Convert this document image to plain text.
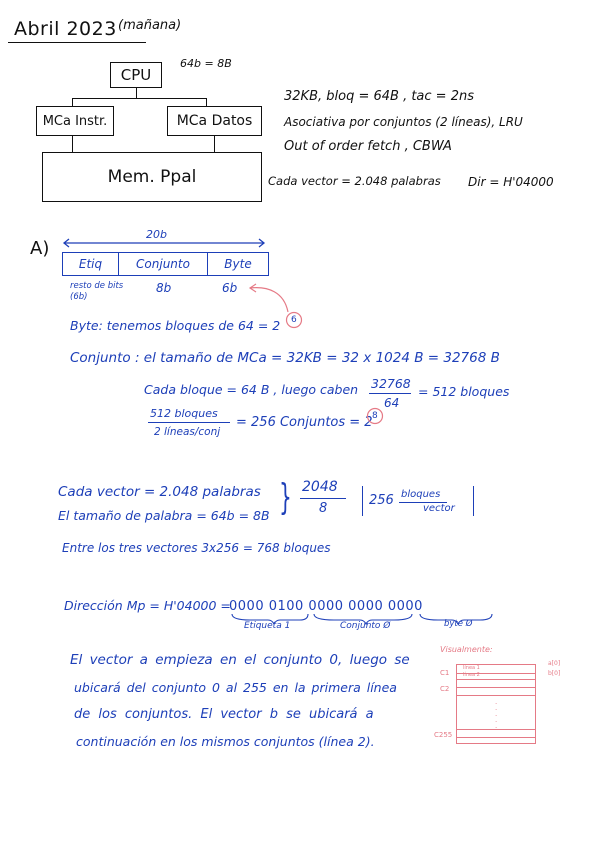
Abril 2023 (mañana)
CPU
64b = 8B
MCa Instr.	MCa Datos
Mem. Ppal
32KB, bloq = 64B , tac = 2ns
Asociativa por conjuntos (2 líneas), LRU
Out of order fetch , CBWA
Cada vector = 2.048 palabras Dir = H'04000
A)
20b
Etiq	Conjunto	Byte
resto de bits (6b)
8b	6b
Byte: tenemos bloques de 64 = 2 6
Conjunto : el tamaño de MCa = 32KB = 32 x 1024 B = 32768 B
Cada bloque = 64 B , luego caben 32768
64
= 512 bloques
512 bloques
2 líneas/conj
= 256 Conjuntos = 2 8
Cada vector = 2.048 palabras
El tamaño de palabra = 64b = 8B } 2048
8
256 bloques
vector
Entre los tres vectores 3x256 = 768 bloques
Dirección Mp = H'04000 =
0000 0100 0000 0000 0000
Etiqueta 1	Conjunto Ø	byte Ø
El vector a empieza en el conjunto 0, luego se
ubicará del conjunto 0 al 255 en la primera línea
de los conjuntos. El vector b se ubicará a
continuación en los mismos conjuntos (línea 2).
Visualmente:
línea 1
línea 2
· · · · ·
C1
C2
C255
a[0]
b[0]
